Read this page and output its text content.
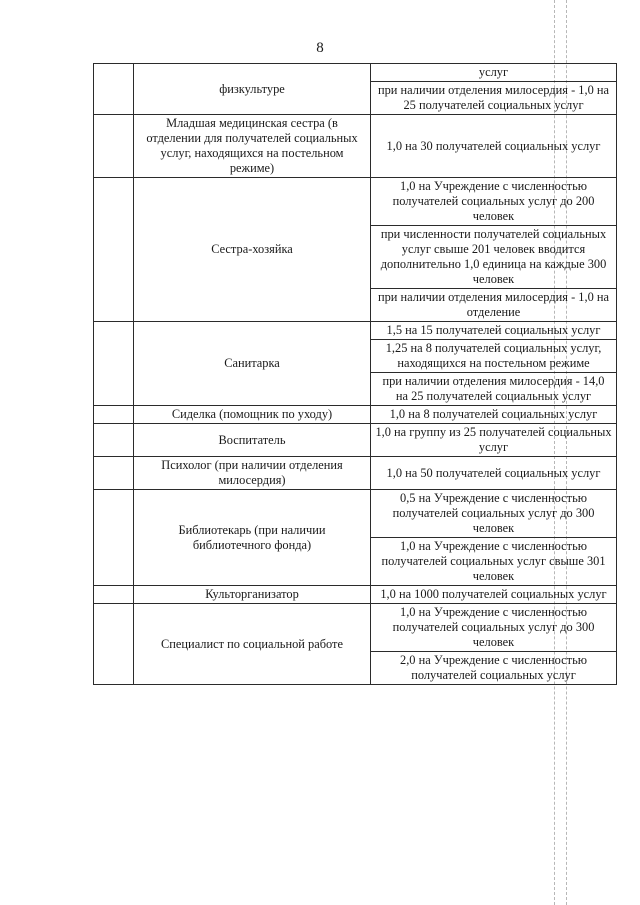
8
	физкультуре	услуг
		при наличии отделения милосердия - 1,0 на 25 получателей социальных услуг
	Младшая медицинская сестра (в отделении для получателей социальных услуг, находящихся на постельном режиме)	1,0 на 30 получателей социальных услуг
	Сестра-хозяйка	1,0 на Учреждение с численностью получателей социальных услуг до 200 человек
		при численности получателей социальных услуг свыше 201 человек вводится дополнительно 1,0 единица на каждые 300 человек
		при наличии отделения милосердия - 1,0 на отделение
	Санитарка	1,5 на 15 получателей социальных услуг
		1,25 на 8 получателей социальных услуг, находящихся на постельном режиме
		при наличии отделения милосердия - 14,0 на 25 получателей социальных услуг
	Сиделка (помощник по уходу)	1,0 на 8 получателей социальных услуг
	Воспитатель	1,0 на группу из 25 получателей социальных услуг
	Психолог (при наличии отделения милосердия)	1,0 на 50 получателей социальных услуг
	Библиотекарь (при наличии библиотечного фонда)	0,5 на Учреждение с численностью получателей социальных услуг до 300 человек
		1,0 на Учреждение с численностью получателей социальных услуг свыше 301 человек
	Культорганизатор	1,0 на 1000 получателей социальных услуг
	Специалист по социальной работе	1,0 на Учреждение с численностью получателей социальных услуг до 300 человек
		2,0 на Учреждение с численностью получателей социальных услуг
